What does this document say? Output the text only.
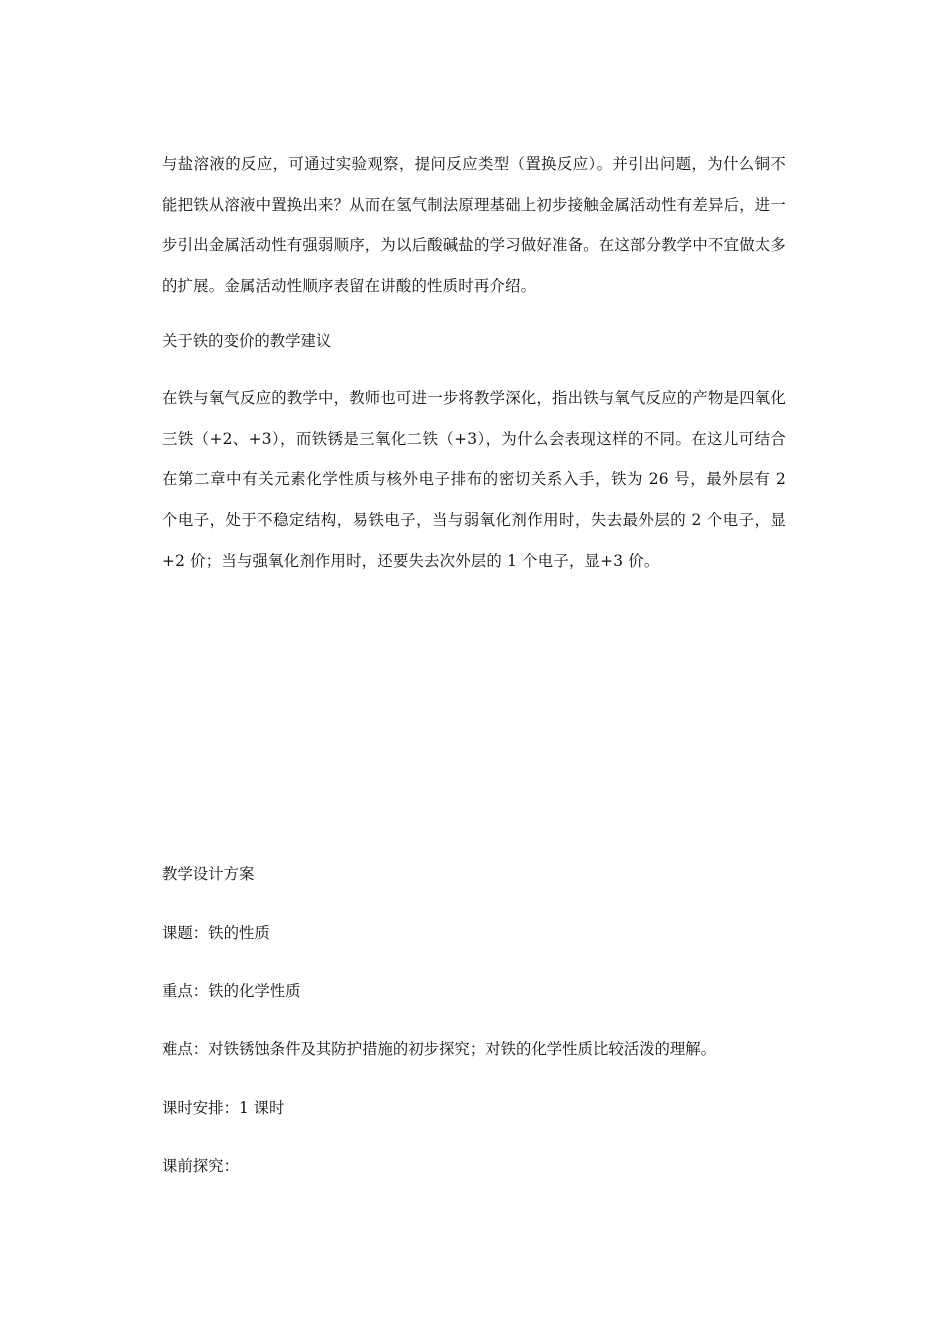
与盐溶液的反应，可通过实验观察，提问反应类型（置换反应）。并引出问题，为什么铜不能把铁从溶液中置换出来？从而在氢气制法原理基础上初步接触金属活动性有差异后，进一步引出金属活动性有强弱顺序，为以后酸碱盐的学习做好准备。在这部分教学中不宜做太多的扩展。金属活动性顺序表留在讲酸的性质时再介绍。

关于铁的变价的教学建议

在铁与氧气反应的教学中，教师也可进一步将教学深化，指出铁与氧气反应的产物是四氧化三铁（+2、+3），而铁锈是三氧化二铁（+3），为什么会表现这样的不同。在这儿可结合在第二章中有关元素化学性质与核外电子排布的密切关系入手，铁为 26 号，最外层有 2 个电子，处于不稳定结构，易铁电子，当与弱氧化剂作用时，失去最外层的 2 个电子，显+2 价；当与强氧化剂作用时，还要失去次外层的 1 个电子，显+3 价。

教学设计方案

课题：铁的性质

重点：铁的化学性质

难点：对铁锈蚀条件及其防护措施的初步探究；对铁的化学性质比较活泼的理解。

课时安排：1 课时

课前探究：
